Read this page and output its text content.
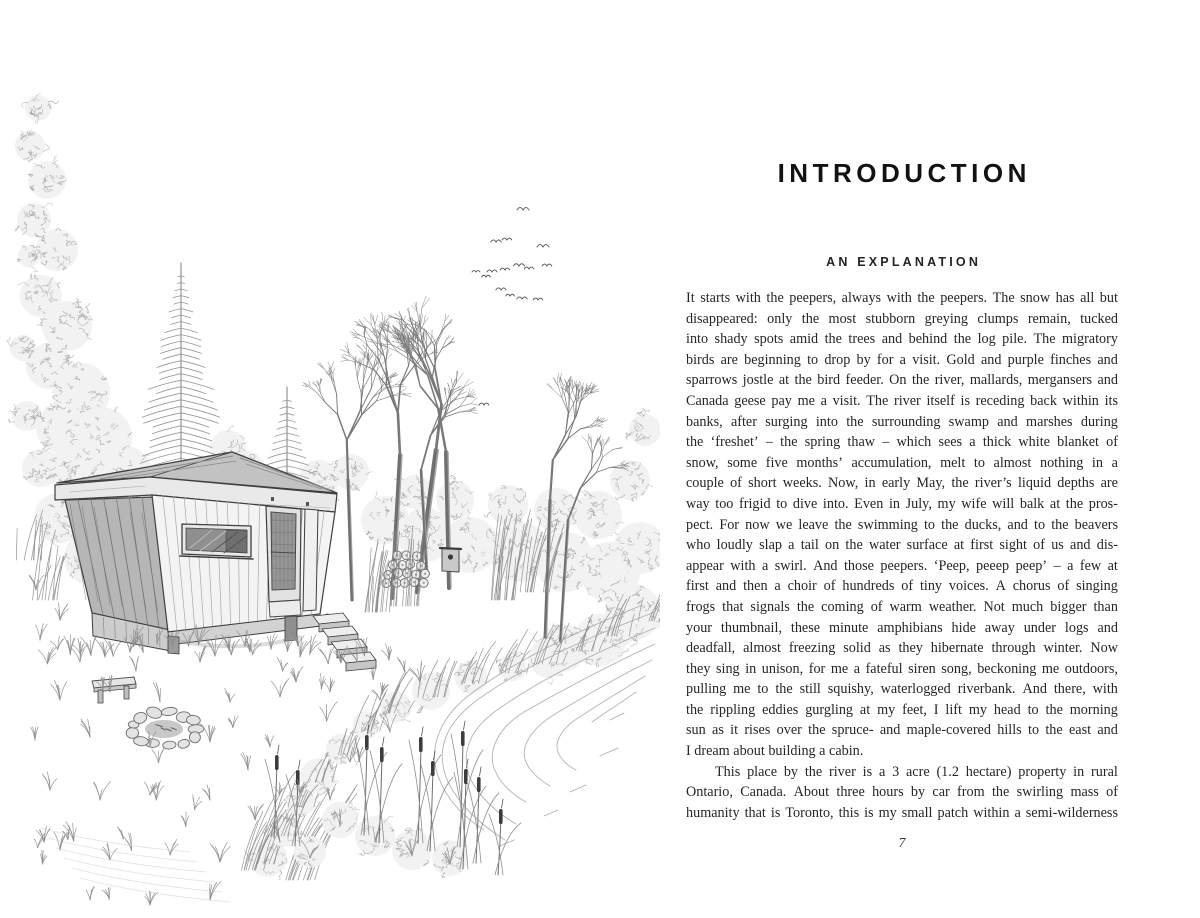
INTRODUCTION
AN EXPLANATION
It starts with the peepers, always with the peepers. The snow has all but
disappeared: only the most stubborn greying clumps remain, tucked
into shady spots amid the trees and behind the log pile. The migratory
birds are beginning to drop by for a visit. Gold and purple finches and
sparrows jostle at the bird feeder. On the river, mallards, mergansers and
Canada geese pay me a visit. The river itself is receding back within its
banks, after surging into the surrounding swamp and marshes during
the ‘freshet’ – the spring thaw – which sees a thick white blanket of
snow, some five months’ accumulation, melt to almost nothing in a
couple of short weeks. Now, in early May, the river’s liquid depths are
way too frigid to dive into. Even in July, my wife will balk at the pros-
pect. For now we leave the swimming to the ducks, and to the beavers
who loudly slap a tail on the water surface at first sight of us and dis-
appear with a swirl. And those peepers. ‘Peep, peeep peep’ – a few at
first and then a choir of hundreds of tiny voices. A chorus of singing
frogs that signals the coming of warm weather. Not much bigger than
your thumbnail, these minute amphibians hide away under logs and
deadfall, almost freezing solid as they hibernate through winter. Now
they sing in unison, for me a fateful siren song, beckoning me outdoors,
pulling me to the still squishy, waterlogged riverbank. And there, with
the rippling eddies gurgling at my feet, I lift my head to the morning
sun as it rises over the spruce- and maple-covered hills to the east and
I dream about building a cabin.
This place by the river is a 3 acre (1.2 hectare) property in rural
Ontario, Canada. About three hours by car from the swirling mass of
humanity that is Toronto, this is my small patch within a semi-wilderness
7
